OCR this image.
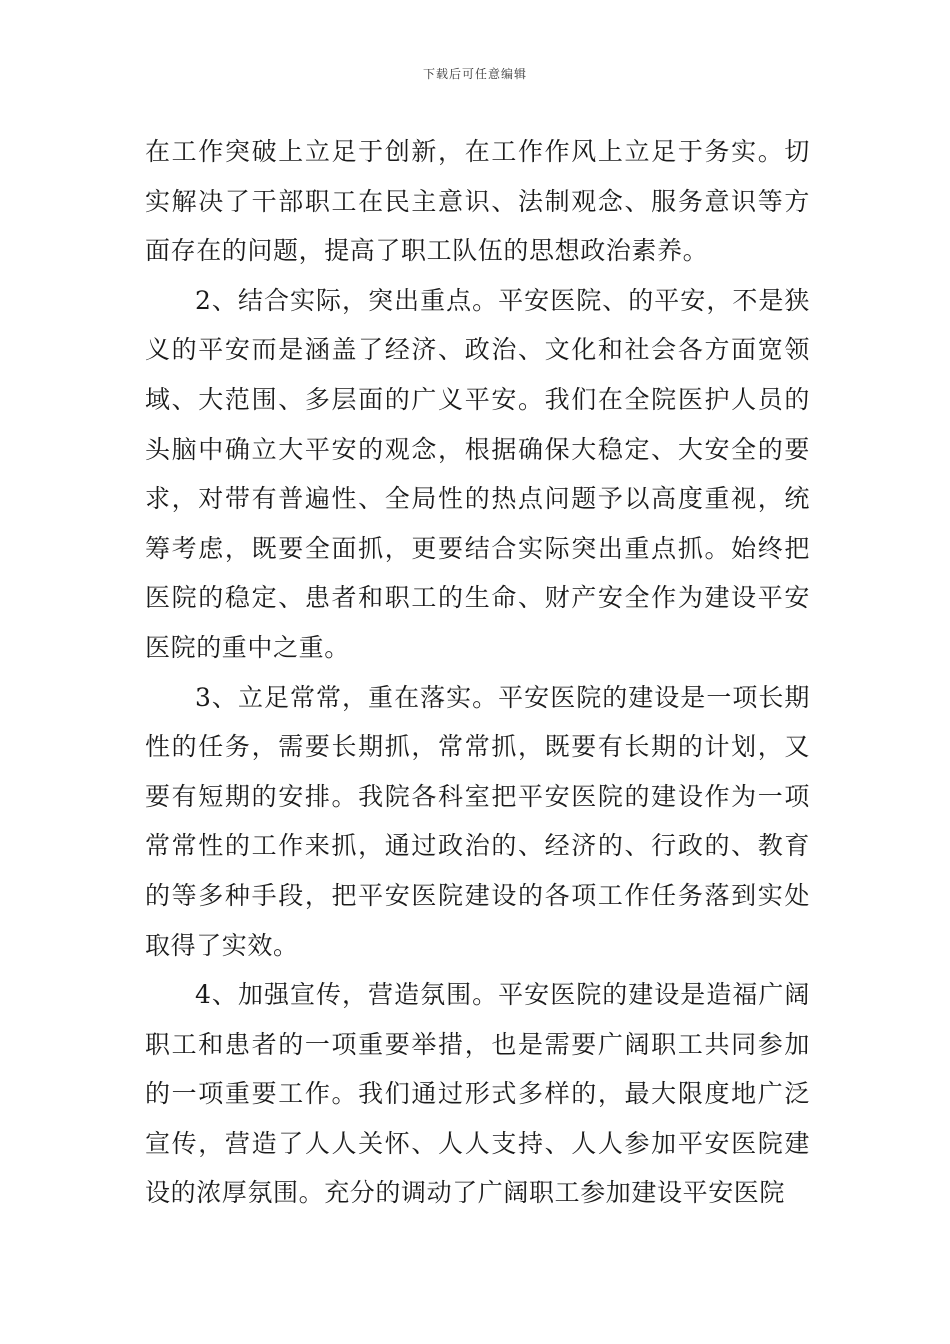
下载后可任意编辑

在工作突破上立足于创新，在工作作风上立足于务实。切实解决了干部职工在民主意识、法制观念、服务意识等方面存在的问题，提高了职工队伍的思想政治素养。

2、结合实际，突出重点。平安医院、的平安，不是狭义的平安而是涵盖了经济、政治、文化和社会各方面宽领域、大范围、多层面的广义平安。我们在全院医护人员的头脑中确立大平安的观念，根据确保大稳定、大安全的要求，对带有普遍性、全局性的热点问题予以高度重视，统筹考虑，既要全面抓，更要结合实际突出重点抓。始终把医院的稳定、患者和职工的生命、财产安全作为建设平安医院的重中之重。

3、立足常常，重在落实。平安医院的建设是一项长期性的任务，需要长期抓，常常抓，既要有长期的计划，又要有短期的安排。我院各科室把平安医院的建设作为一项常常性的工作来抓，通过政治的、经济的、行政的、教育的等多种手段，把平安医院建设的各项工作任务落到实处取得了实效。

4、加强宣传，营造氛围。平安医院的建设是造福广阔职工和患者的一项重要举措，也是需要广阔职工共同参加的一项重要工作。我们通过形式多样的，最大限度地广泛宣传，营造了人人关怀、人人支持、人人参加平安医院建设的浓厚氛围。充分的调动了广阔职工参加建设平安医院
